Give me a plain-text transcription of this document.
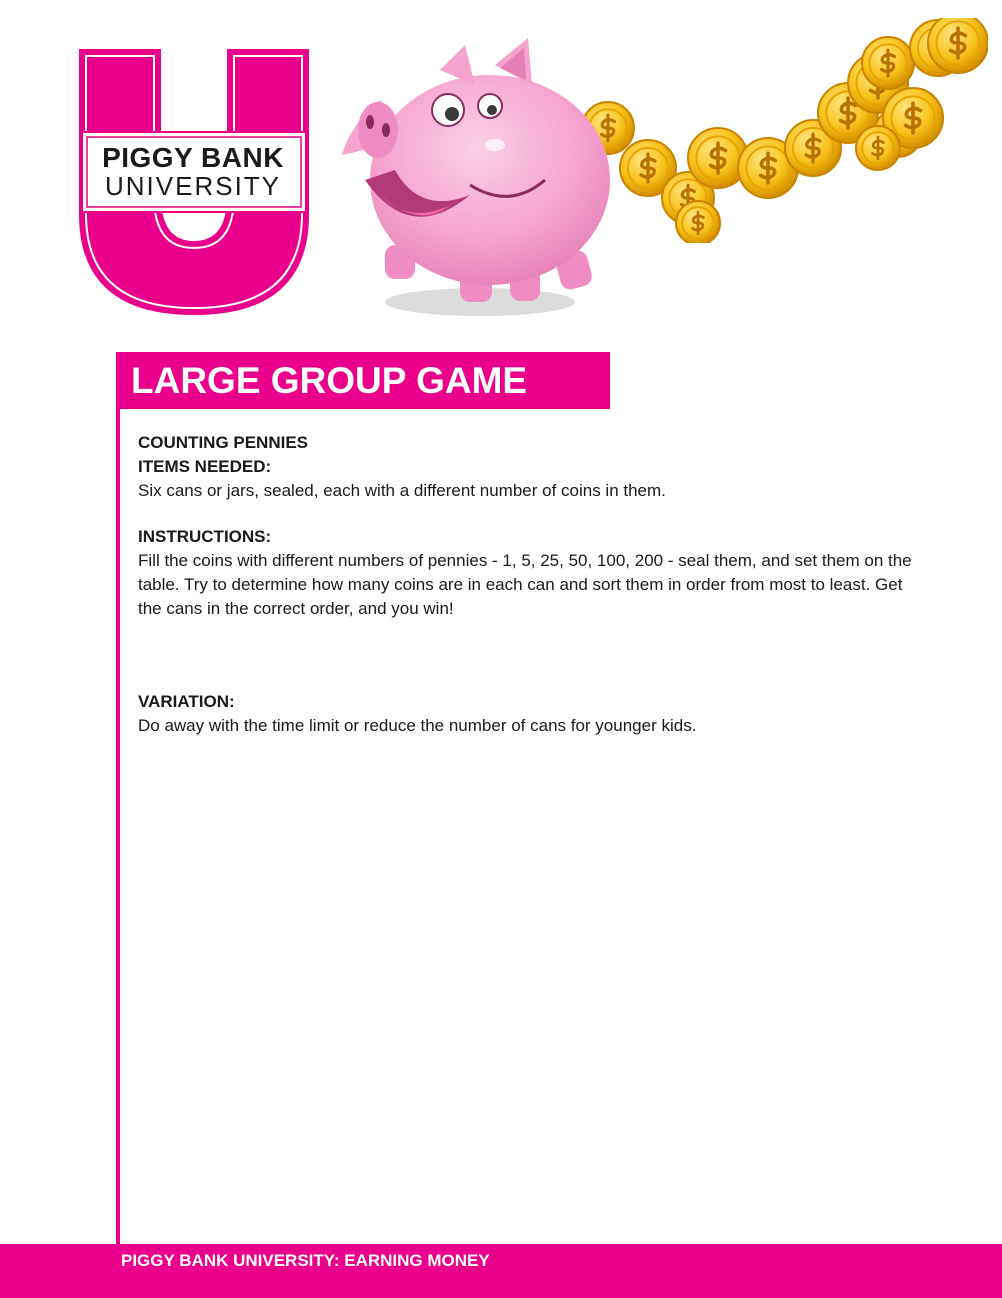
PIGGY BANK
UNIVERSITY
LARGE GROUP GAME

COUNTING PENNIES

ITEMS NEEDED:

Six cans or jars, sealed, each with a different number of coins in them.

INSTRUCTIONS:

Fill the coins with different numbers of pennies - 1, 5, 25, 50, 100, 200 - seal them, and set them on the table. Try to determine how many coins are in each can and sort them in order from most to least. Get the cans in the correct order, and you win!

VARIATION:

Do away with the time limit or reduce the number of cans for younger kids.

PIGGY BANK UNIVERSITY: EARNING MONEY
